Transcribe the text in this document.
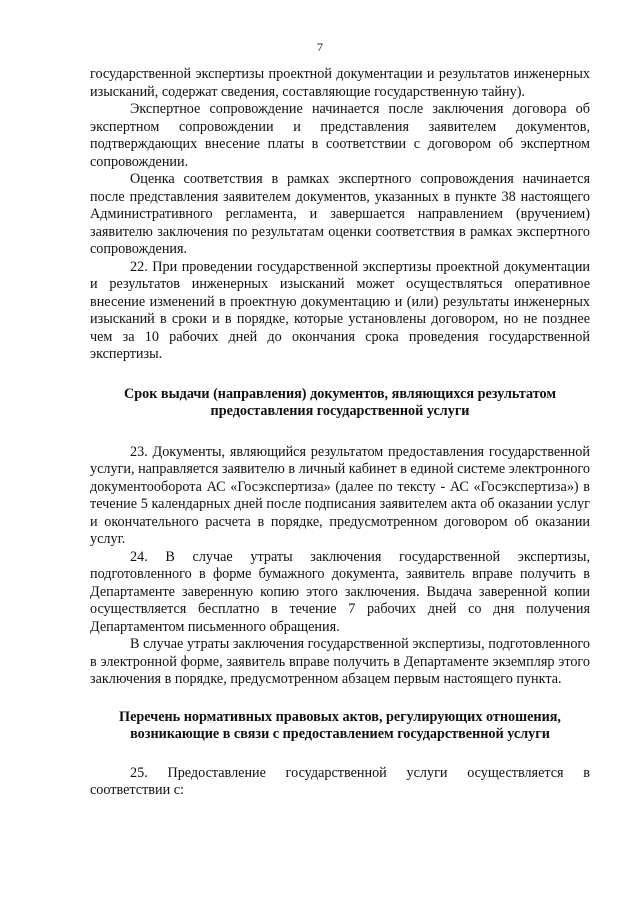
7

государственной экспертизы проектной документации и результатов инженерных изысканий, содержат сведения, составляющие государственную тайну).

Экспертное сопровождение начинается после заключения договора об экспертном сопровождении и представления заявителем документов, подтверждающих внесение платы в соответствии с договором об экспертном сопровождении.

Оценка соответствия в рамках экспертного сопровождения начинается после представления заявителем документов, указанных в пункте 38 настоящего Административного регламента, и завершается направлением (вручением) заявителю заключения по результатам оценки соответствия в рамках экспертного сопровождения.

22. При проведении государственной экспертизы проектной документации и результатов инженерных изысканий может осуществляться оперативное внесение изменений в проектную документацию и (или) результаты инженерных изысканий в сроки и в порядке, которые установлены договором, но не позднее чем за 10 рабочих дней до окончания срока проведения государственной экспертизы.

Срок выдачи (направления) документов, являющихся результатом предоставления государственной услуги

23. Документы, являющийся результатом предоставления государственной услуги, направляется заявителю в личный кабинет в единой системе электронного документооборота АС «Госэкспертиза» (далее по тексту - АС «Госэкспертиза») в течение 5 календарных дней после подписания заявителем акта об оказании услуг и окончательного расчета в порядке, предусмотренном договором об оказании услуг.

24. В случае утраты заключения государственной экспертизы, подготовленного в форме бумажного документа, заявитель вправе получить в Департаменте заверенную копию этого заключения. Выдача заверенной копии осуществляется бесплатно в течение 7 рабочих дней со дня получения Департаментом письменного обращения.

В случае утраты заключения государственной экспертизы, подготовленного в электронной форме, заявитель вправе получить в Департаменте экземпляр этого заключения в порядке, предусмотренном абзацем первым настоящего пункта.

Перечень нормативных правовых актов, регулирующих отношения, возникающие в связи с предоставлением государственной услуги

25. Предоставление государственной услуги осуществляется в соответствии с:
